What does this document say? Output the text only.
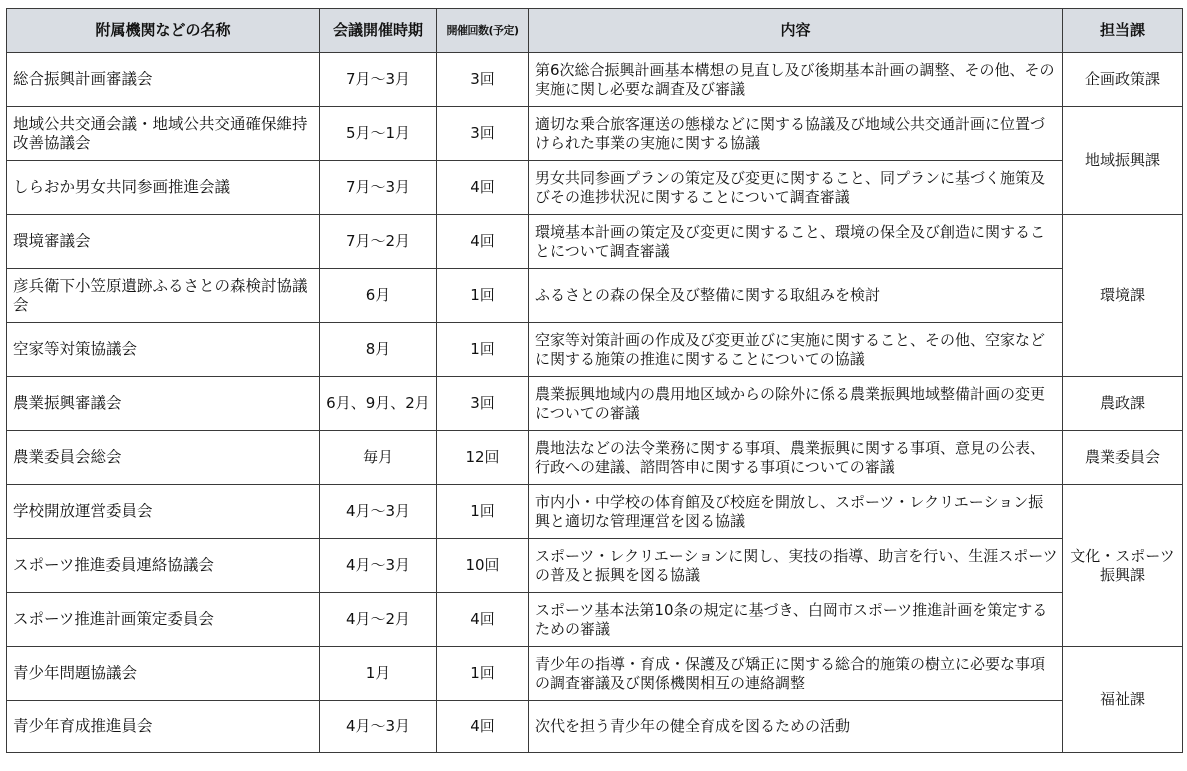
附属機関などの名称	会議開催時期	開催回数(予定)	内容	担当課
総合振興計画審議会	7月～3月	3回	第6次総合振興計画基本構想の見直し及び後期基本計画の調整、その他、その実施に関し必要な調査及び審議	企画政策課
地域公共交通会議・地域公共交通確保維持改善協議会	5月～1月	3回	適切な乗合旅客運送の態様などに関する協議及び地域公共交通計画に位置づけられた事業の実施に関する協議	地域振興課
しらおか男女共同参画推進会議	7月～3月	4回	男女共同参画プランの策定及び変更に関すること、同プランに基づく施策及びその進捗状況に関することについて調査審議	
環境審議会	7月～2月	4回	環境基本計画の策定及び変更に関すること、環境の保全及び創造に関することについて調査審議	環境課
彦兵衛下小笠原遺跡ふるさとの森検討協議会	6月	1回	ふるさとの森の保全及び整備に関する取組みを検討	
空家等対策協議会	8月	1回	空家等対策計画の作成及び変更並びに実施に関すること、その他、空家などに関する施策の推進に関することについての協議	
農業振興審議会	6月、9月、2月	3回	農業振興地域内の農用地区域からの除外に係る農業振興地域整備計画の変更についての審議	農政課
農業委員会総会	毎月	12回	農地法などの法令業務に関する事項、農業振興に関する事項、意見の公表、行政への建議、諮問答申に関する事項についての審議	農業委員会
学校開放運営委員会	4月～3月	1回	市内小・中学校の体育館及び校庭を開放し、スポーツ・レクリエーション振興と適切な管理運営を図る協議	文化・スポーツ振興課
スポーツ推進委員連絡協議会	4月～3月	10回	スポーツ・レクリエーションに関し、実技の指導、助言を行い、生涯スポーツの普及と振興を図る協議	
スポーツ推進計画策定委員会	4月～2月	4回	スポーツ基本法第10条の規定に基づき、白岡市スポーツ推進計画を策定するための審議	
青少年問題協議会	1月	1回	青少年の指導・育成・保護及び矯正に関する総合的施策の樹立に必要な事項の調査審議及び関係機関相互の連絡調整	福祉課
青少年育成推進員会	4月～3月	4回	次代を担う青少年の健全育成を図るための活動	
